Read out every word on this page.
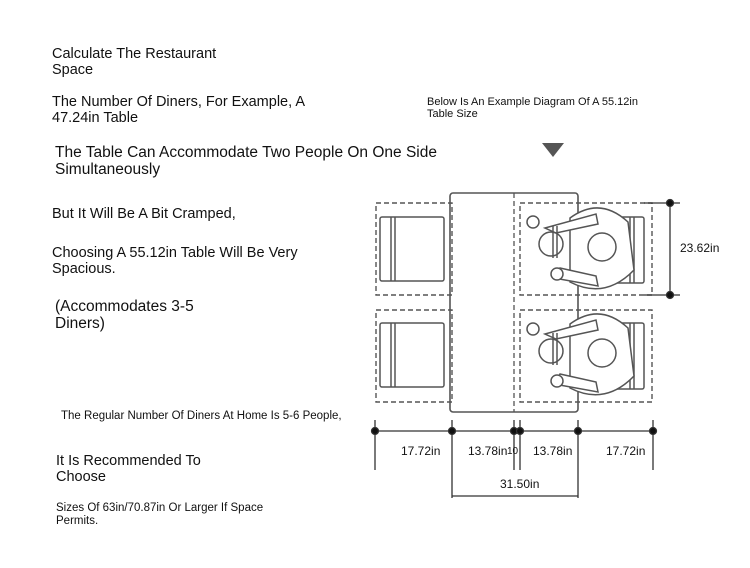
Calculate The Restaurant Space

The Number Of Diners, For Example, A 47.24in Table

The Table Can Accommodate Two People On One Side Simultaneously

But It Will Be A Bit Cramped,

Choosing A 55.12in Table Will Be Very Spacious.

(Accommodates 3-5 Diners)

The Regular Number Of Diners At Home Is 5-6 People,

It Is Recommended To Choose

Sizes Of 63in/70.87in Or Larger If Space Permits.

Below Is An Example Diagram Of A 55.12in Table Size

23.62in
17.72in 13.78in 10 13.78in	17.72in
31.50in
